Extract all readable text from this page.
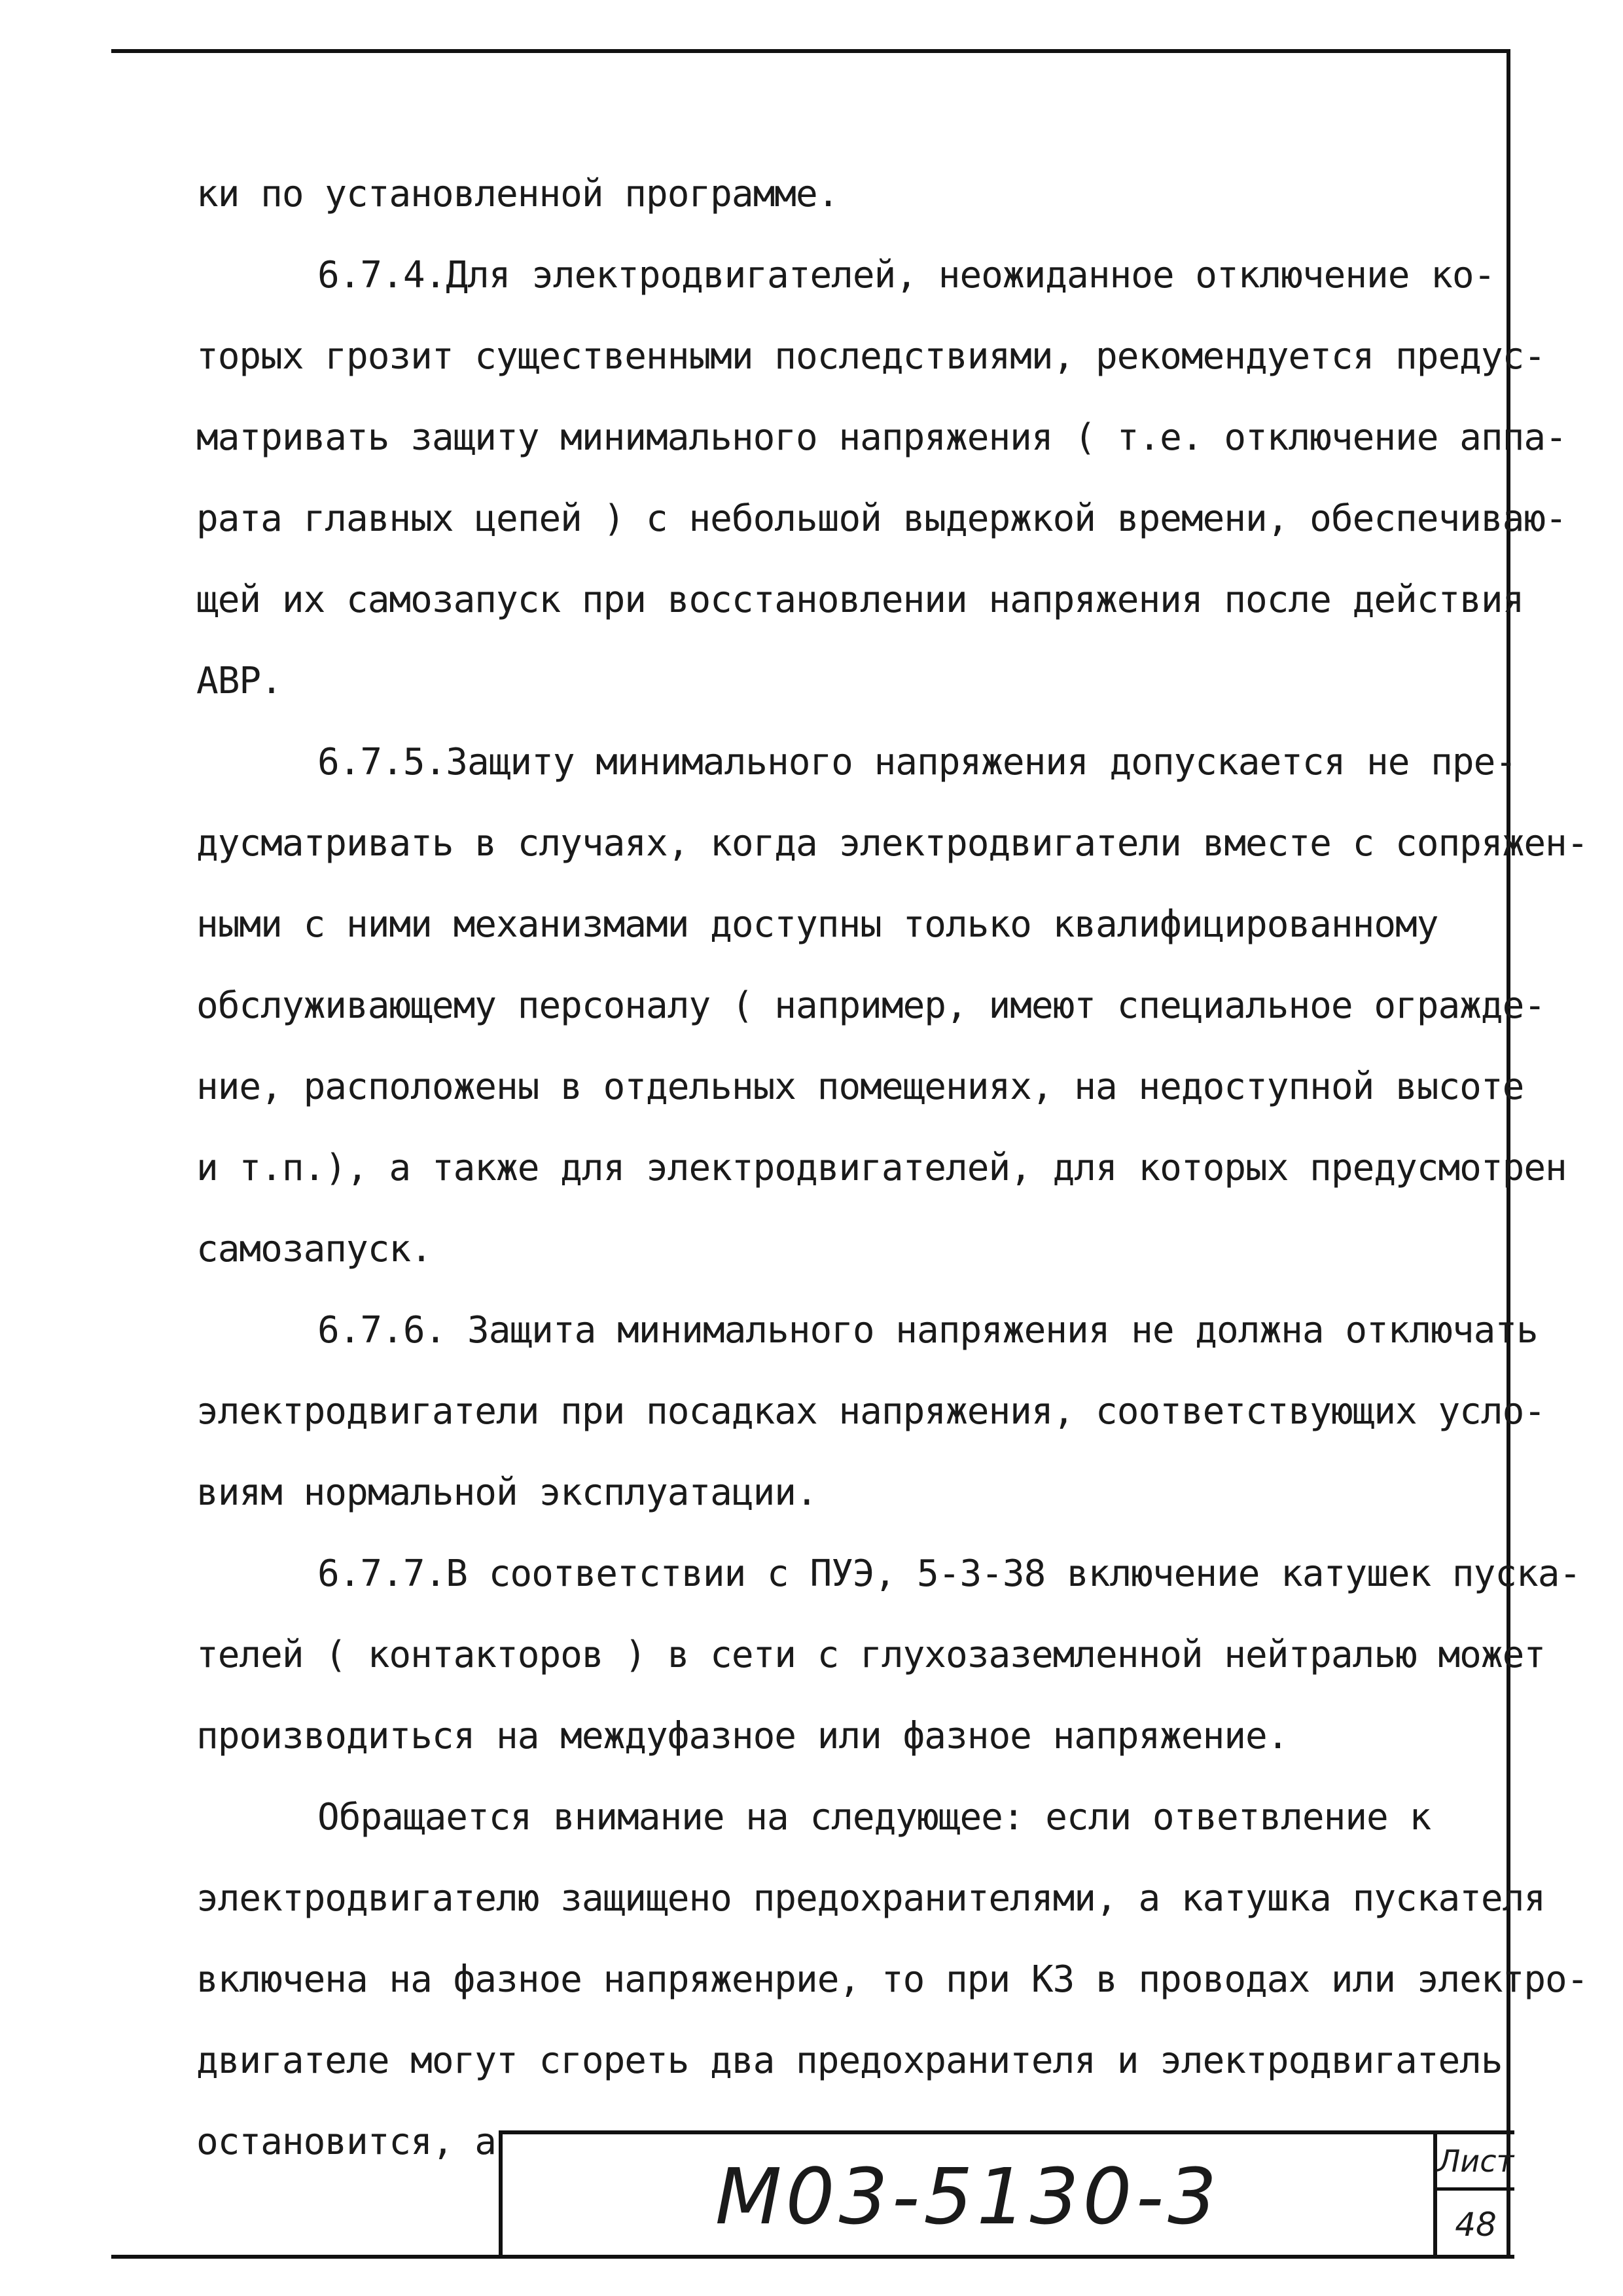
ки по установленной программе.
6.7.4.Для электродвигателей, неожиданное отключение ко-
торых грозит существенными последствиями, рекомендуется предус-
матривать защиту минимального напряжения ( т.е. отключение аппа-
рата главных цепей ) с небольшой выдержкой времени, обеспечиваю-
щей их самозапуск при восстановлении напряжения после действия
АВР.
6.7.5.Защиту минимального напряжения допускается не пре-
дусматривать в случаях, когда электродвигатели вместе с сопряжен-
ными с ними механизмами доступны только квалифицированному
обслуживающему персоналу ( например, имеют специальное огражде-
ние, расположены в отдельных помещениях, на недоступной высоте
и т.п.), а также для электродвигателей, для которых предусмотрен
самозапуск.
6.7.6. Защита минимального напряжения не должна отключать
электродвигатели при посадках напряжения, соответствующих усло-
виям нормальной эксплуатации.
6.7.7.В соответствии с ПУЭ, 5-3-38 включение катушек пуска-
телей ( контакторов ) в сети с глухозаземленной нейтралью может
производиться на междуфазное или фазное напряжение.
Обращается внимание на следующее: если ответвление к
электродвигателю защищено предохранителями, а катушка пускателя
включена на фазное напряженрие, то при КЗ в проводах или электро-
двигателе могут сгореть два предохранителя и электродвигатель
остановится, а
М03-5130-3	Лист
48
